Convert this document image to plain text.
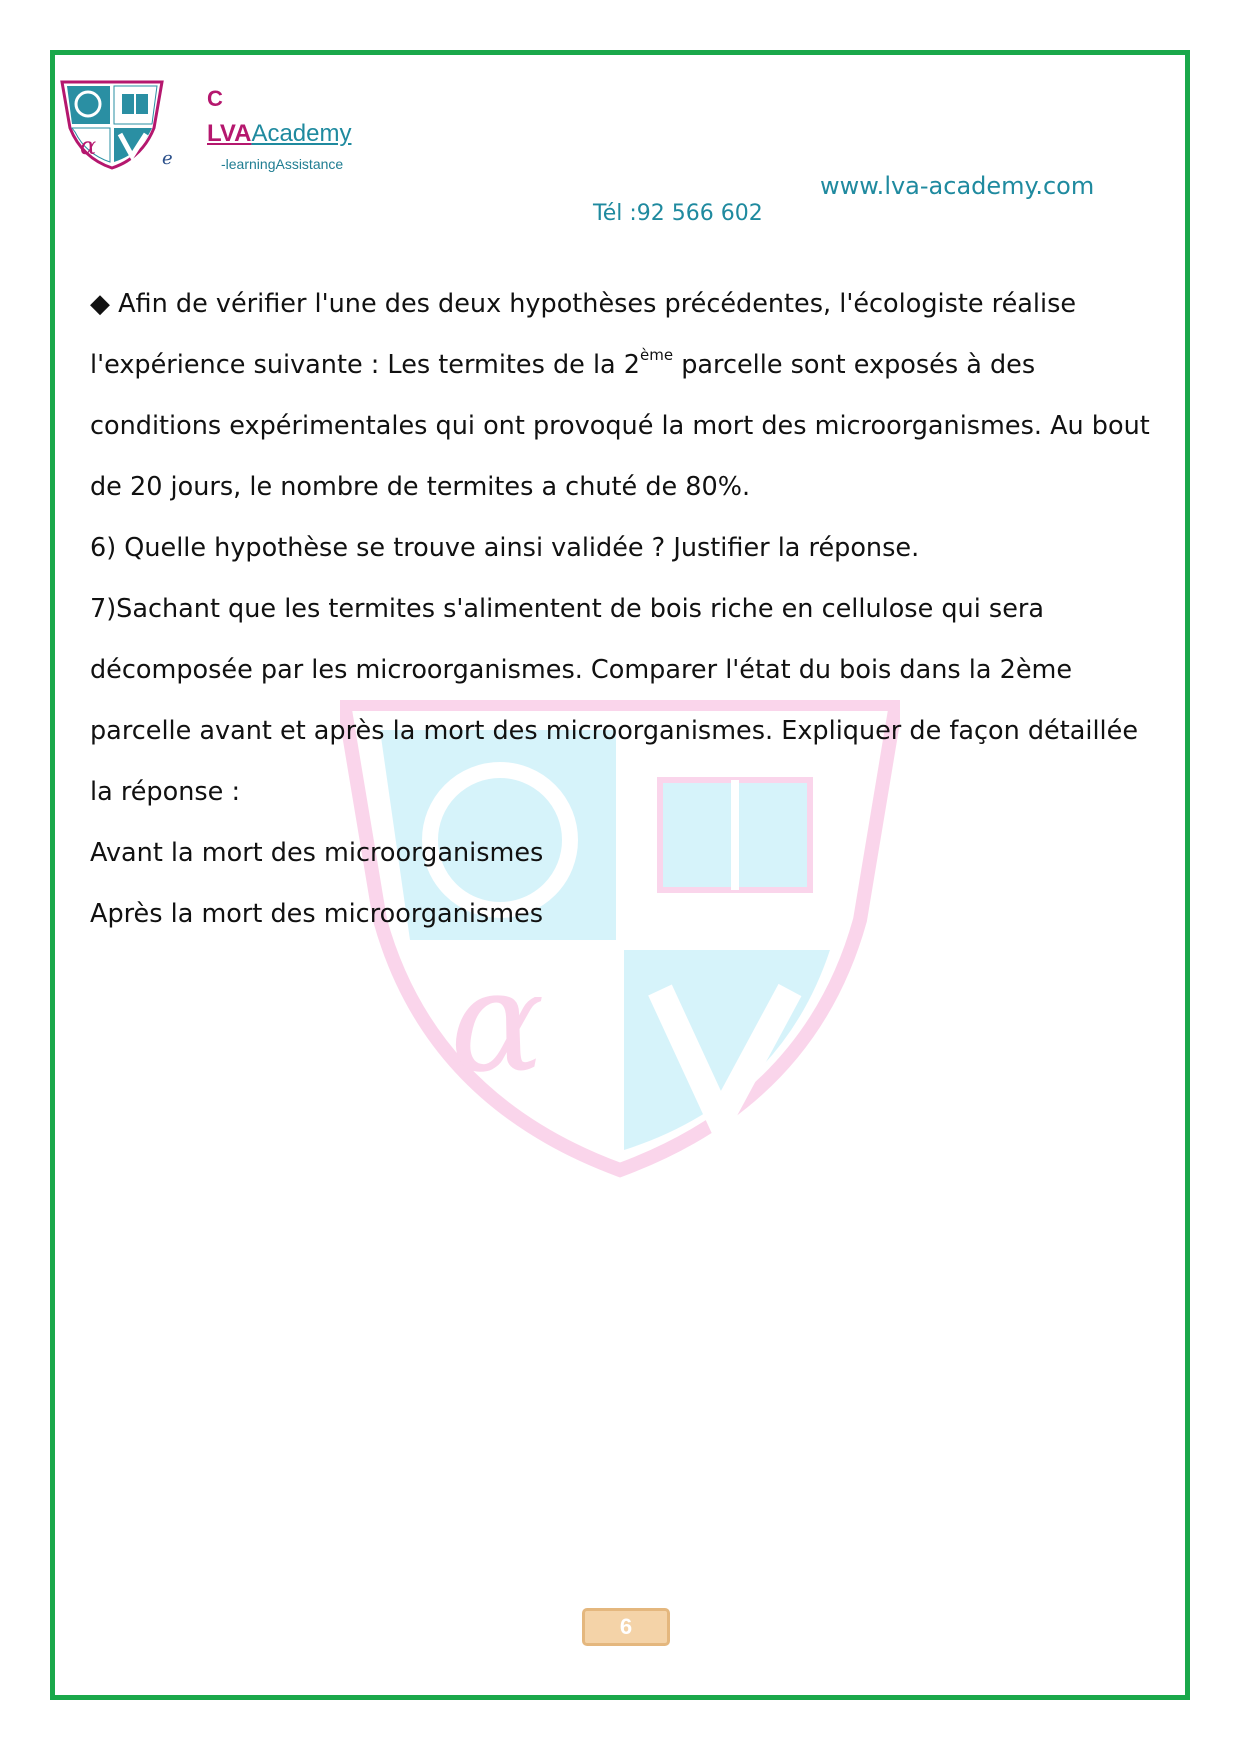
α	e
C
LVAAcademy
-learningAssistance
www.lva-academy.com
Tél :92 566 602
α

◆ Afin de vérifier l'une des deux hypothèses précédentes, l'écologiste réalise l'expérience suivante : Les termites de la 2ème parcelle sont exposés à des conditions expérimentales qui ont provoqué la mort des microorganismes. Au bout de 20 jours, le nombre de termites a chuté de 80%.

6) Quelle hypothèse se trouve ainsi validée ? Justifier la réponse.

7)Sachant que les termites s'alimentent de bois riche en cellulose qui sera décomposée par les microorganismes. Comparer l'état du bois dans la 2ème parcelle avant et après la mort des microorganismes. Expliquer de façon détaillée la réponse :

Avant la mort des microorganismes

Après la mort des microorganismes

6
